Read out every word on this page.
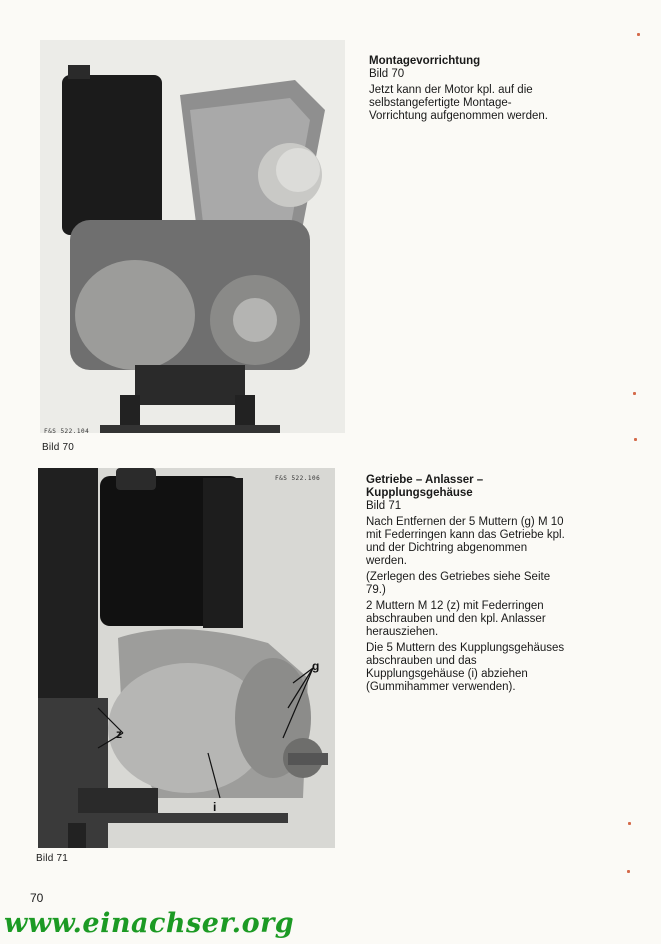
F&S 522.104
Bild 70
Montagevorrichtung

Bild 70

Jetzt kann der Motor kpl. auf die selbstangefertigte Montage-Vorrichtung aufgenommen werden.

F&S 522.106
z
g
i
Bild 71
Getriebe – Anlasser – Kupplungsgehäuse

Bild 71

Nach Entfernen der 5 Muttern (g) M 10 mit Federringen kann das Getriebe kpl. und der Dichtring abgenommen werden.

(Zerlegen des Getriebes siehe Seite 79.)

2 Muttern M 12 (z) mit Federringen abschrauben und den kpl. Anlasser herausziehen.

Die 5 Muttern des Kupplungsgehäuses abschrauben und das Kupplungsgehäuse (i) abziehen (Gummihammer verwenden).

70
www.einachser.org
